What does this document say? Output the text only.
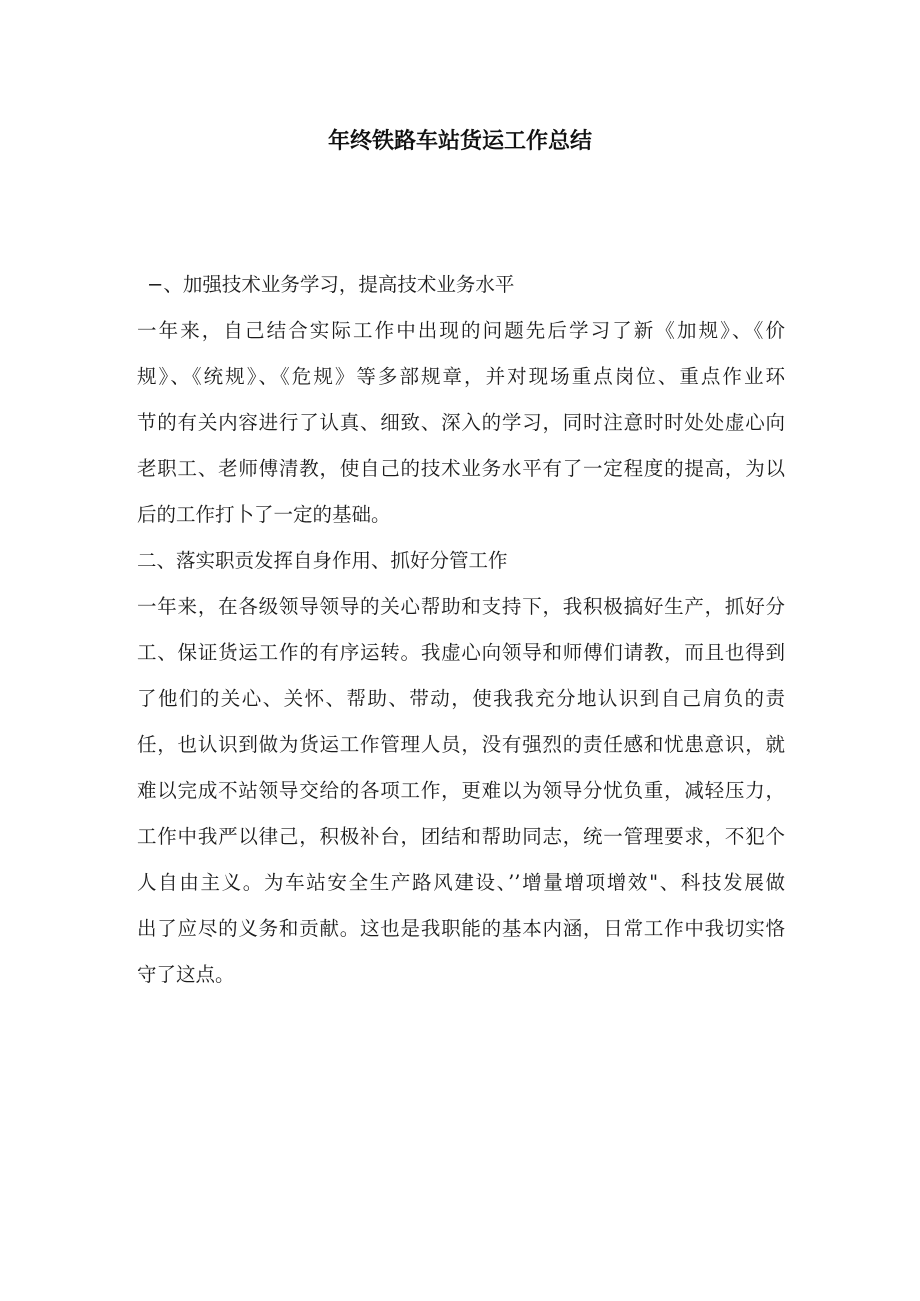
年终铁路车站货运工作总结
−、加强技术业务学习，提高技术业务水平
一年来，自己结合实际工作中出现的问题先后学习了新《加规》、《价
规》、《统规》、《危规》等多部规章，并对现场重点岗位、重点作业环
节的有关内容进行了认真、细致、深入的学习，同时注意时时处处虚心向
老职工、老师傅清教，使自己的技术业务水平有了一定程度的提高，为以
后的工作打卜了一定的基础。
二、落实职贡发挥自身作用、抓好分管工作
一年来，在各级领导领导的关心帮助和支持下，我积极搞好生产，抓好分
工、保证货运工作的有序运转。我虚心向领导和师傅们请教，而且也得到
了他们的关心、关怀、帮助、带动，使我我充分地认识到自己肩负的责
任，也认识到做为货运工作管理人员，没有强烈的责任感和忧患意识，就
难以完成不站领导交给的各项工作，更难以为领导分忧负重，减轻压力，
工作中我严以律己，积极补台，团结和帮助同志，统一管理要求，不犯个
人自由主义。为车站安全生产路风建设、’’增量增项增效"、科技发展做
出了应尽的义务和贡献。这也是我职能的基本内涵，日常工作中我切实恪
守了这点。
